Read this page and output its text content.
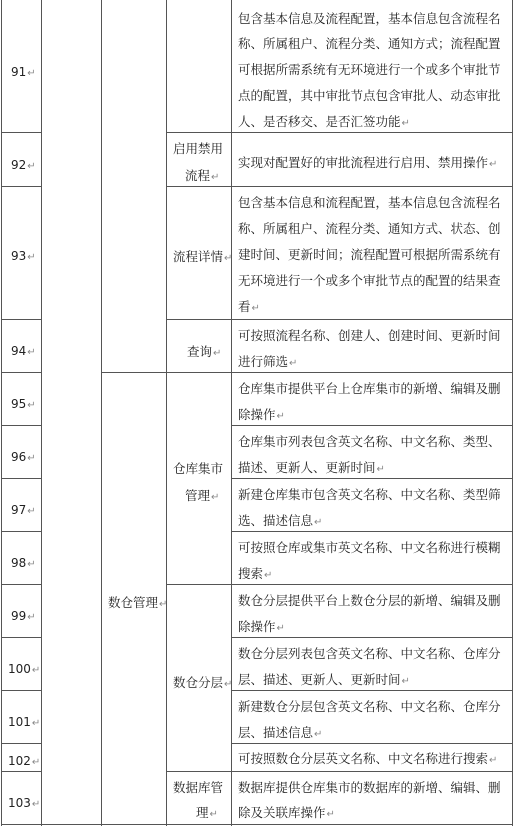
91↵
92↵
93↵
94↵
95↵
96↵
97↵
98↵
99↵
100↵
101↵
102↵
103↵
数仓管理↵
启用禁用
流程↵
流程详情↵
查询↵
仓库集市
管理↵
数仓分层↵
数据库管
理↵
包含基本信息及流程配置，基本信息包含流程名
称、所属租户、流程分类、通知方式；流程配置
可根据所需系统有无环境进行一个或多个审批节
点的配置，其中审批节点包含审批人、动态审批
人、是否移交、是否汇签功能↵
实现对配置好的审批流程进行启用、禁用操作↵
包含基本信息和流程配置，基本信息包含流程名
称、所属租户、流程分类、通知方式、状态、创
建时间、更新时间；流程配置可根据所需系统有
无环境进行一个或多个审批节点的配置的结果查
看↵
可按照流程名称、创建人、创建时间、更新时间
进行筛选↵
仓库集市提供平台上仓库集市的新增、编辑及删
除操作↵
仓库集市列表包含英文名称、中文名称、类型、
描述、更新人、更新时间↵
新建仓库集市包含英文名称、中文名称、类型筛
选、描述信息↵
可按照仓库或集市英文名称、中文名称进行模糊
搜索↵
数仓分层提供平台上数仓分层的新增、编辑及删
除操作↵
数仓分层列表包含英文名称、中文名称、仓库分
层、描述、更新人、更新时间↵
新建数仓分层包含英文名称、中文名称、仓库分
层、描述信息↵
可按照数仓分层英文名称、中文名称进行搜索↵
数据库提供仓库集市的数据库的新增、编辑、删
除及关联库操作↵
